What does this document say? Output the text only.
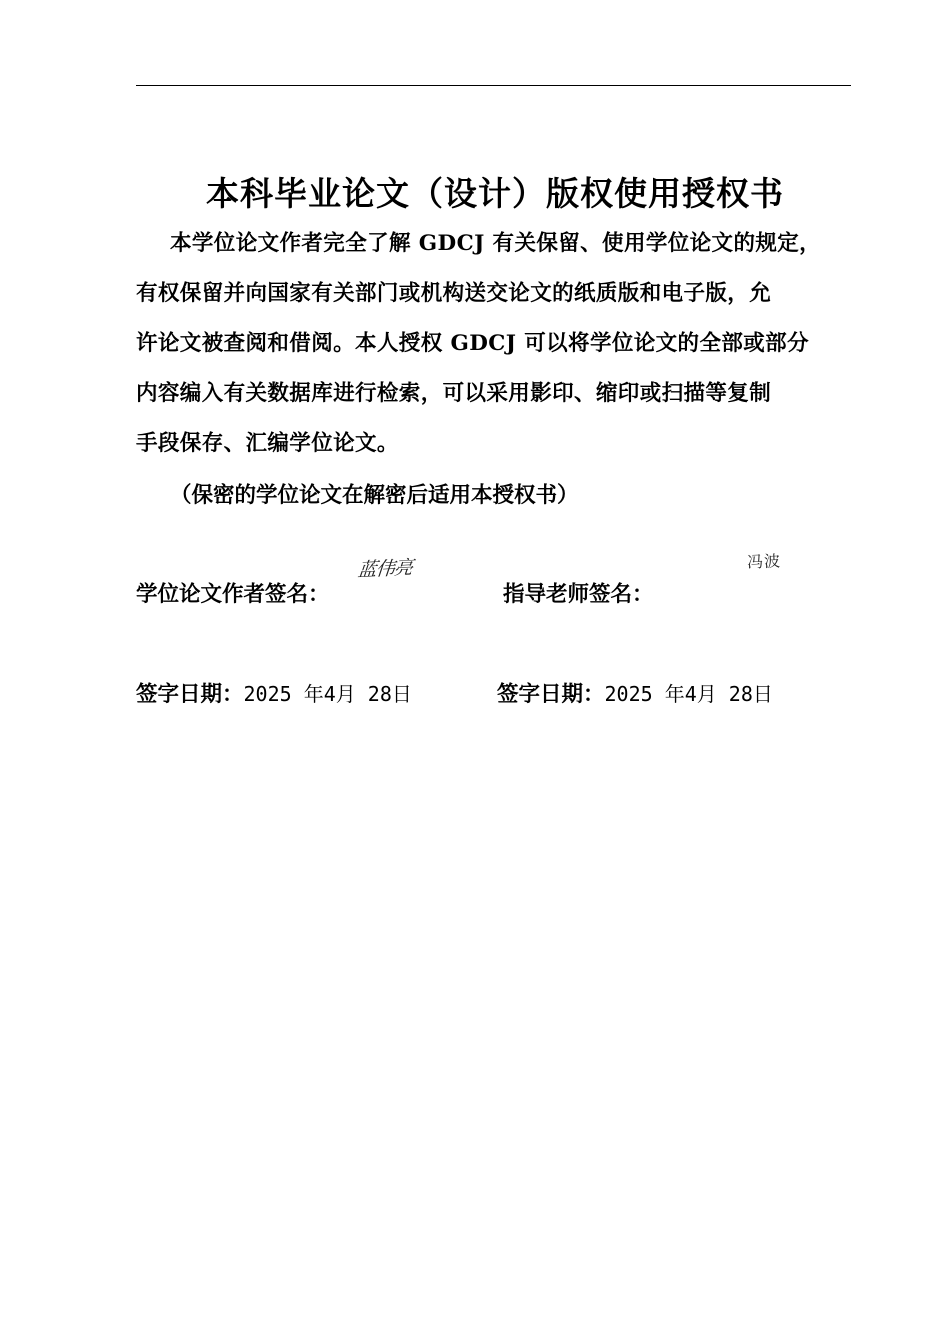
本科毕业论文（设计）版权使用授权书
本学位论文作者完全了解 GDCJ 有关保留、使用学位论文的规定，
有权保留并向国家有关部门或机构送交论文的纸质版和电子版，允
许论文被查阅和借阅。本人授权 GDCJ 可以将学位论文的全部或部分
内容编入有关数据库进行检索，可以采用影印、缩印或扫描等复制
手段保存、汇编学位论文。
（保密的学位论文在解密后适用本授权书）
学位论文作者签名：
蓝伟亮
指导老师签名：
冯波
签字日期：2025 年4月 28日	签字日期：2025 年4月 28日
